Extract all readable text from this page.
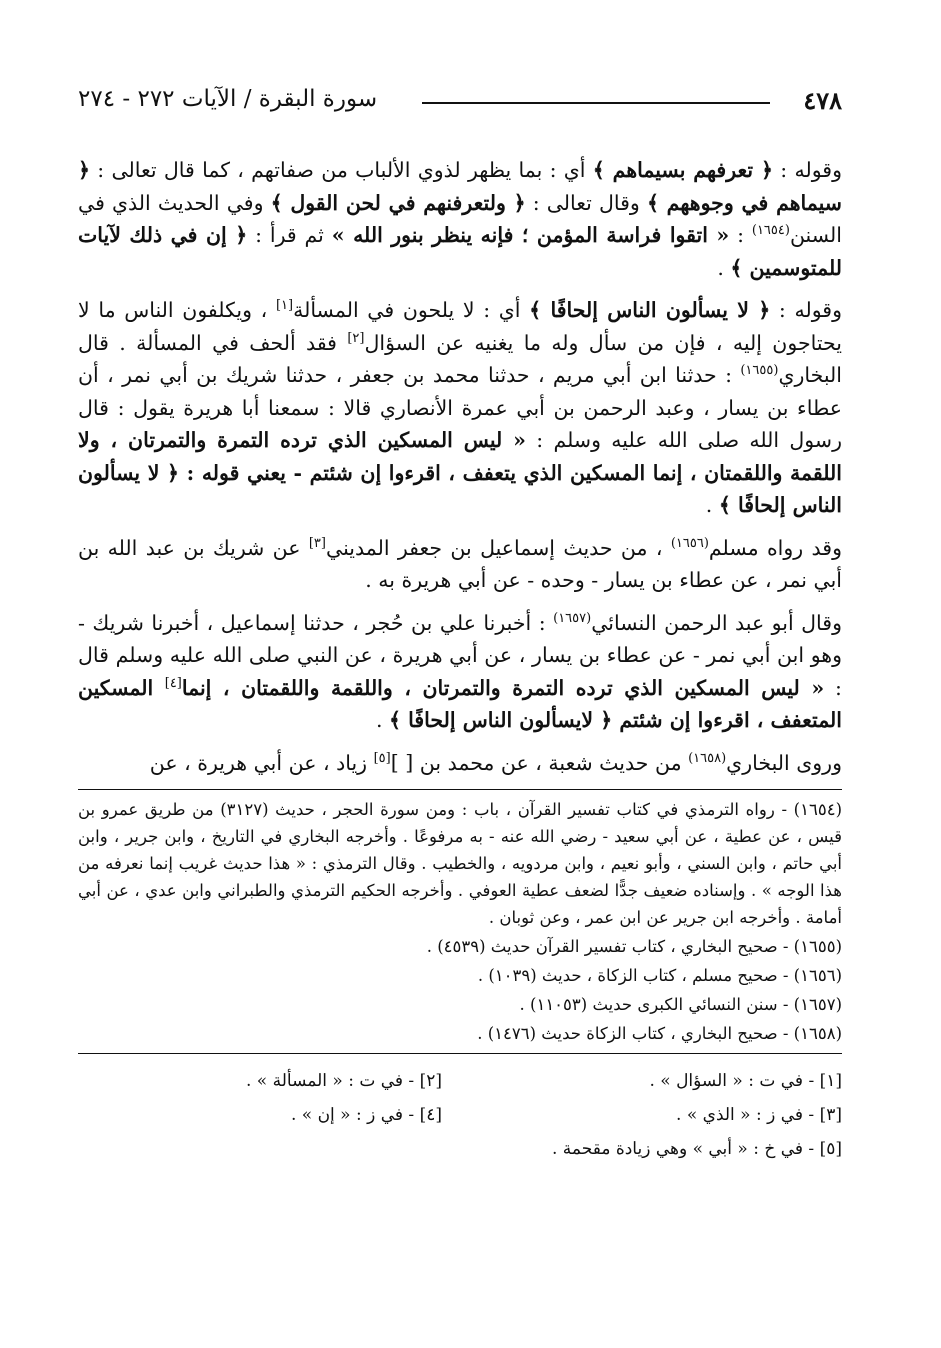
٤٧٨
سورة البقرة / الآيات ٢٧٢ - ٢٧٤

وقوله : ﴿ تعرفهم بسيماهم ﴾ أي : بما يظهر لذوي الألباب من صفاتهم ، كما قال تعالى : ﴿ سيماهم في وجوههم ﴾ وقال تعالى : ﴿ ولتعرفنهم في لحن القول ﴾ وفي الحديث الذي في السنن$^{(١٦٥٤)}$ : « اتقوا فراسة المؤمن ؛ فإنه ينظر بنور الله » ثم قرأ : ﴿ إن في ذلك لآيات للمتوسمين ﴾ .

وقوله : ﴿ لا يسألون الناس إلحافًا ﴾ أي : لا يلحون في المسألة[١] ، ويكلفون الناس ما لا يحتاجون إليه ، فإن من سأل وله ما يغنيه عن السؤال[٢] فقد ألحف في المسألة . قال البخاري$^{(١٦٥٥)}$ : حدثنا ابن أبي مريم ، حدثنا محمد بن جعفر ، حدثنا شريك بن أبي نمر ، أن عطاء بن يسار ، وعبد الرحمن بن أبي عمرة الأنصاري قالا : سمعنا أبا هريرة يقول : قال رسول الله صلى الله عليه وسلم : « ليس المسكين الذي ترده التمرة والتمرتان ، ولا اللقمة واللقمتان ، إنما المسكين الذي يتعفف ، اقرءوا إن شئتم - يعني قوله : ﴿ لا يسألون الناس إلحافًا ﴾ .

وقد رواه مسلم$^{(١٦٥٦)}$ ، من حديث إسماعيل بن جعفر المديني[٣] عن شريك بن عبد الله بن أبي نمر ، عن عطاء بن يسار - وحده - عن أبي هريرة به .

وقال أبو عبد الرحمن النسائي$^{(١٦٥٧)}$ : أخبرنا علي بن حُجر ، حدثنا إسماعيل ، أخبرنا شريك - وهو ابن أبي نمر - عن عطاء بن يسار ، عن أبي هريرة ، عن النبي صلى الله عليه وسلم قال : « ليس المسكين الذي ترده التمرة والتمرتان ، واللقمة واللقمتان ، إنما[٤] المسكين المتعفف ، اقرءوا إن شئتم ﴿ لايسألون الناس إلحافًا ﴾ .

وروى البخاري$^{(١٦٥٨)}$ من حديث شعبة ، عن محمد بن [ ][٥] زياد ، عن أبي هريرة ، عن

(١٦٥٤) - رواه الترمذي في كتاب تفسير القرآن ، باب : ومن سورة الحجر ، حديث (٣١٢٧) من طريق عمرو بن قيس ، عن عطية ، عن أبي سعيد - رضي الله عنه - به مرفوعًا . وأخرجه البخاري في التاريخ ، وابن جرير ، وابن أبي حاتم ، وابن السني ، وأبو نعيم ، وابن مردويه ، والخطيب . وقال الترمذي : « هذا حديث غريب إنما نعرفه من هذا الوجه » . وإسناده ضعيف جدًّا لضعف عطية العوفي . وأخرجه الحكيم الترمذي والطبراني وابن عدي ، عن أبي أمامة . وأخرجه ابن جرير عن ابن عمر ، وعن ثوبان .
(١٦٥٥) - صحيح البخاري ، كتاب تفسير القرآن حديث (٤٥٣٩) .
(١٦٥٦) - صحيح مسلم ، كتاب الزكاة ، حديث (١٠٣٩) .
(١٦٥٧) - سنن النسائي الكبرى حديث (١١٠٥٣) .
(١٦٥٨) - صحيح البخاري ، كتاب الزكاة حديث (١٤٧٦) .
[١] - في ت : « السؤال » .
[٢] - في ت : « المسألة » .
[٣] - في ز : « الذي » .
[٤] - في ز : « إن » .
[٥] - في خ : « أبي » وهي زيادة مقحمة .
